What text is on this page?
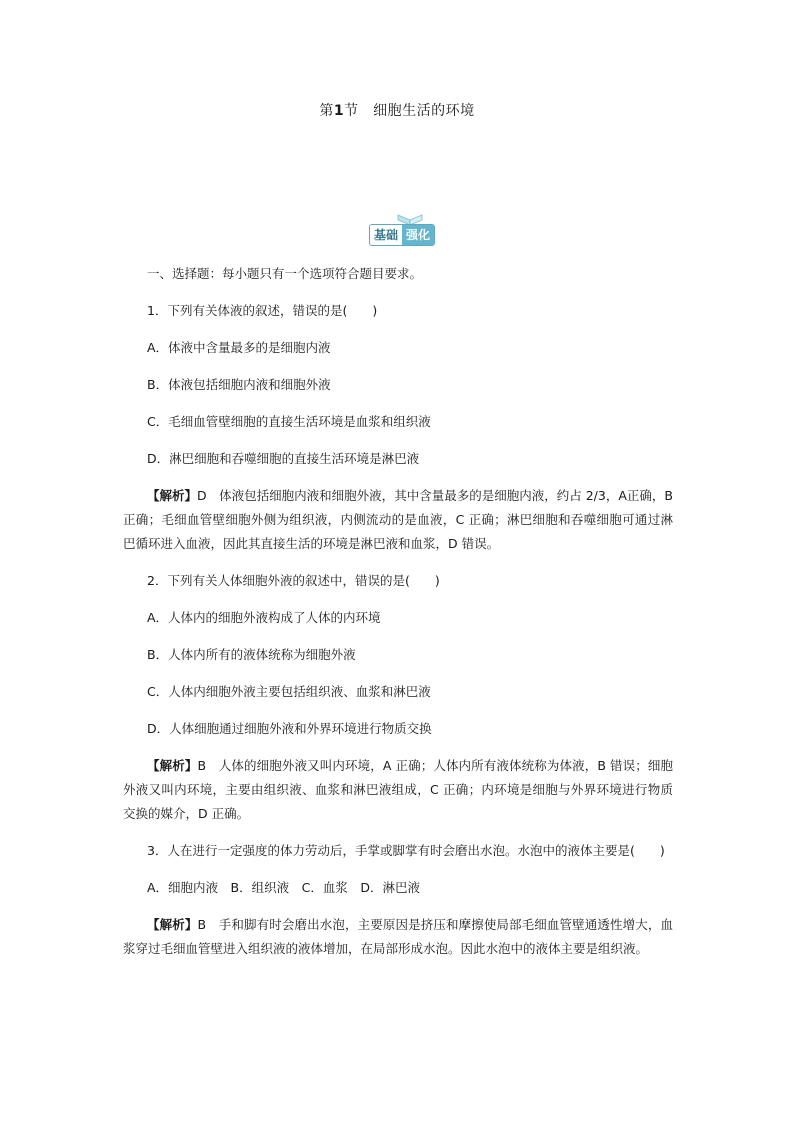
第1节　细胞生活的环境
基础 强化

一、选择题：每小题只有一个选项符合题目要求。

1．下列有关体液的叙述，错误的是(　　)

A．体液中含量最多的是细胞内液

B．体液包括细胞内液和细胞外液

C．毛细血管壁细胞的直接生活环境是血浆和组织液

D．淋巴细胞和吞噬细胞的直接生活环境是淋巴液

【解析】D　体液包括细胞内液和细胞外液，其中含量最多的是细胞内液，约占 2/3，A正确，B 正确；毛细血管壁细胞外侧为组织液，内侧流动的是血液，C 正确；淋巴细胞和吞噬细胞可通过淋巴循环进入血液，因此其直接生活的环境是淋巴液和血浆，D 错误。

2．下列有关人体细胞外液的叙述中，错误的是(　　)

A．人体内的细胞外液构成了人体的内环境

B．人体内所有的液体统称为细胞外液

C．人体内细胞外液主要包括组织液、血浆和淋巴液

D．人体细胞通过细胞外液和外界环境进行物质交换

【解析】B　人体的细胞外液又叫内环境，A 正确；人体内所有液体统称为体液，B 错误；细胞外液又叫内环境，主要由组织液、血浆和淋巴液组成，C 正确；内环境是细胞与外界环境进行物质交换的媒介，D 正确。

3．人在进行一定强度的体力劳动后，手掌或脚掌有时会磨出水泡。水泡中的液体主要是(　　)

A．细胞内液　B．组织液　C．血浆　D．淋巴液

【解析】B　手和脚有时会磨出水泡，主要原因是挤压和摩擦使局部毛细血管壁通透性增大，血浆穿过毛细血管壁进入组织液的液体增加，在局部形成水泡。因此水泡中的液体主要是组织液。
